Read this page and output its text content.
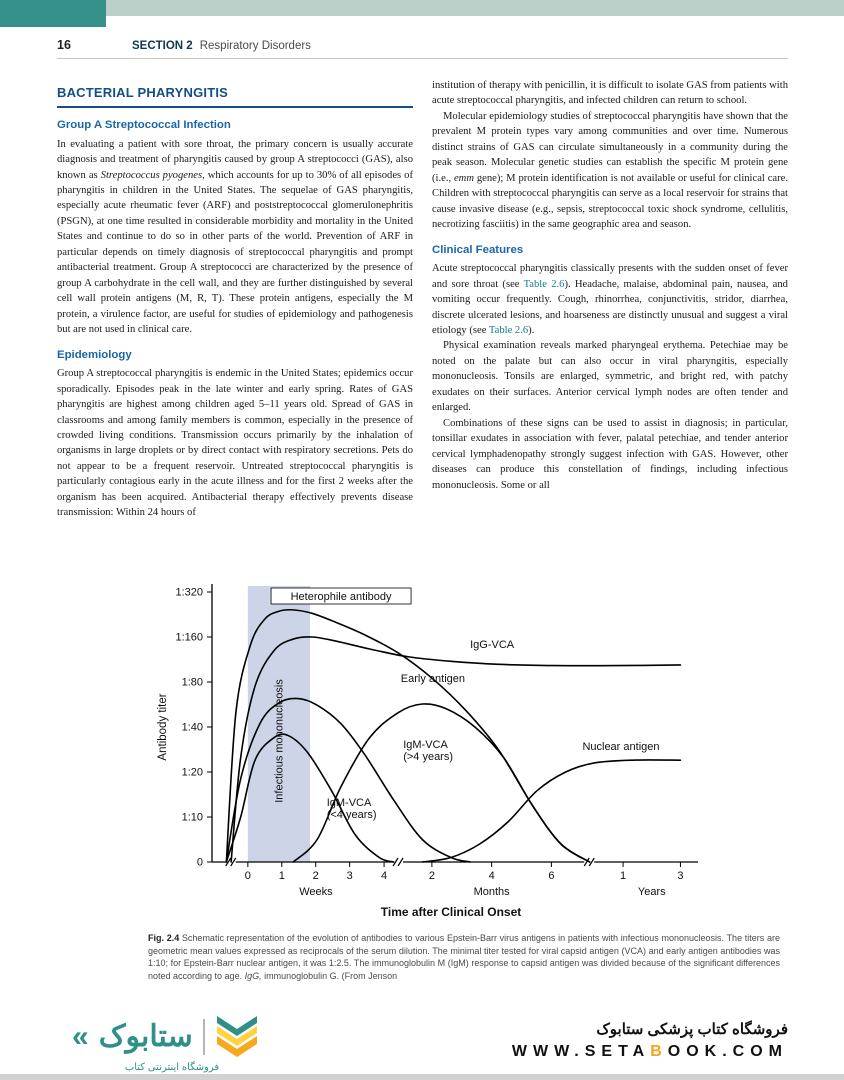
16	SECTION 2 Respiratory Disorders
BACTERIAL PHARYNGITIS
Group A Streptococcal Infection

In evaluating a patient with sore throat, the primary concern is usually accurate diagnosis and treatment of pharyngitis caused by group A streptococci (GAS), also known as Streptococcus pyogenes, which accounts for up to 30% of all episodes of pharyngitis in children in the United States. The sequelae of GAS pharyngitis, especially acute rheumatic fever (ARF) and poststreptococcal glomerulonephritis (PSGN), at one time resulted in considerable morbidity and mortality in the United States and continue to do so in other parts of the world. Prevention of ARF in particular depends on timely diagnosis of streptococcal pharyngitis and prompt antibacterial treatment. Group A streptococci are characterized by the presence of group A carbohydrate in the cell wall, and they are further distinguished by several cell wall protein antigens (M, R, T). These protein antigens, especially the M protein, a virulence factor, are useful for studies of epidemiology and pathogenesis but are not used in clinical care.

Epidemiology

Group A streptococcal pharyngitis is endemic in the United States; epidemics occur sporadically. Episodes peak in the late winter and early spring. Rates of GAS pharyngitis are highest among children aged 5–11 years old. Spread of GAS in classrooms and among family members is common, especially in the presence of crowded living conditions. Transmission occurs primarily by the inhalation of organisms in large droplets or by direct contact with respiratory secretions. Pets do not appear to be a frequent reservoir. Untreated streptococcal pharyngitis is particularly contagious early in the acute illness and for the first 2 weeks after the organism has been acquired. Antibacterial therapy effectively prevents disease transmission: Within 24 hours of

institution of therapy with penicillin, it is difficult to isolate GAS from patients with acute streptococcal pharyngitis, and infected children can return to school.

Molecular epidemiology studies of streptococcal pharyngitis have shown that the prevalent M protein types vary among communities and over time. Numerous distinct strains of GAS can circulate simultaneously in a community during the peak season. Molecular genetic studies can establish the specific M protein gene (i.e., emm gene); M protein identification is not available or useful for clinical care. Children with streptococcal pharyngitis can serve as a local reservoir for strains that cause invasive disease (e.g., sepsis, streptococcal toxic shock syndrome, cellulitis, necrotizing fasciitis) in the same geographic area and season.

Clinical Features

Acute streptococcal pharyngitis classically presents with the sudden onset of fever and sore throat (see Table 2.6). Headache, malaise, abdominal pain, nausea, and vomiting occur frequently. Cough, rhinorrhea, conjunctivitis, stridor, diarrhea, discrete ulcerated lesions, and hoarseness are distinctly unusual and suggest a viral etiology (see Table 2.6).

Physical examination reveals marked pharyngeal erythema. Petechiae may be noted on the palate but can also occur in viral pharyngitis, especially mononucleosis. Tonsils are enlarged, symmetric, and bright red, with patchy exudates on their surfaces. Anterior cervical lymph nodes are often tender and enlarged.

Combinations of these signs can be used to assist in diagnosis; in particular, tonsillar exudates in association with fever, palatal petechiae, and tender anterior cervical lymphadenopathy strongly suggest infection with GAS. However, other diseases can produce this constellation of findings, including infectious mononucleosis. Some or all

0
1:10
1:20
1:40
1:80
1:160
1:320
0	1	2	3	4
Weeks
2	4	6
Months
1	3
Years
Heterophile antibody
IgG-VCA
Early antigen
IgM-VCA
(>4 years)
IgM-VCA
(<4 years)
Nuclear antigen
Infectious mononucleosis
Antibody titer
Time after Clinical Onset
Fig. 2.4 Schematic representation of the evolution of antibodies to various Epstein-Barr virus antigens in patients with infectious mononucleosis. The titers are geometric mean values expressed as reciprocals of the serum dilution. The minimal titer tested for viral capsid antigen (VCA) and early antigen antibodies was 1:10; for Epstein-Barr nuclear antigen, it was 1:2.5. The immunoglobulin M (IgM) response to capsid antigen was divided because of the significant differences noted according to age. IgG, immunoglobulin G. (From Jenson
« ستابوک
فروشگاه اینترنتی کتاب
فروشگاه کتاب پزشکی ستابوک
WWW.SETABOOK.COM
